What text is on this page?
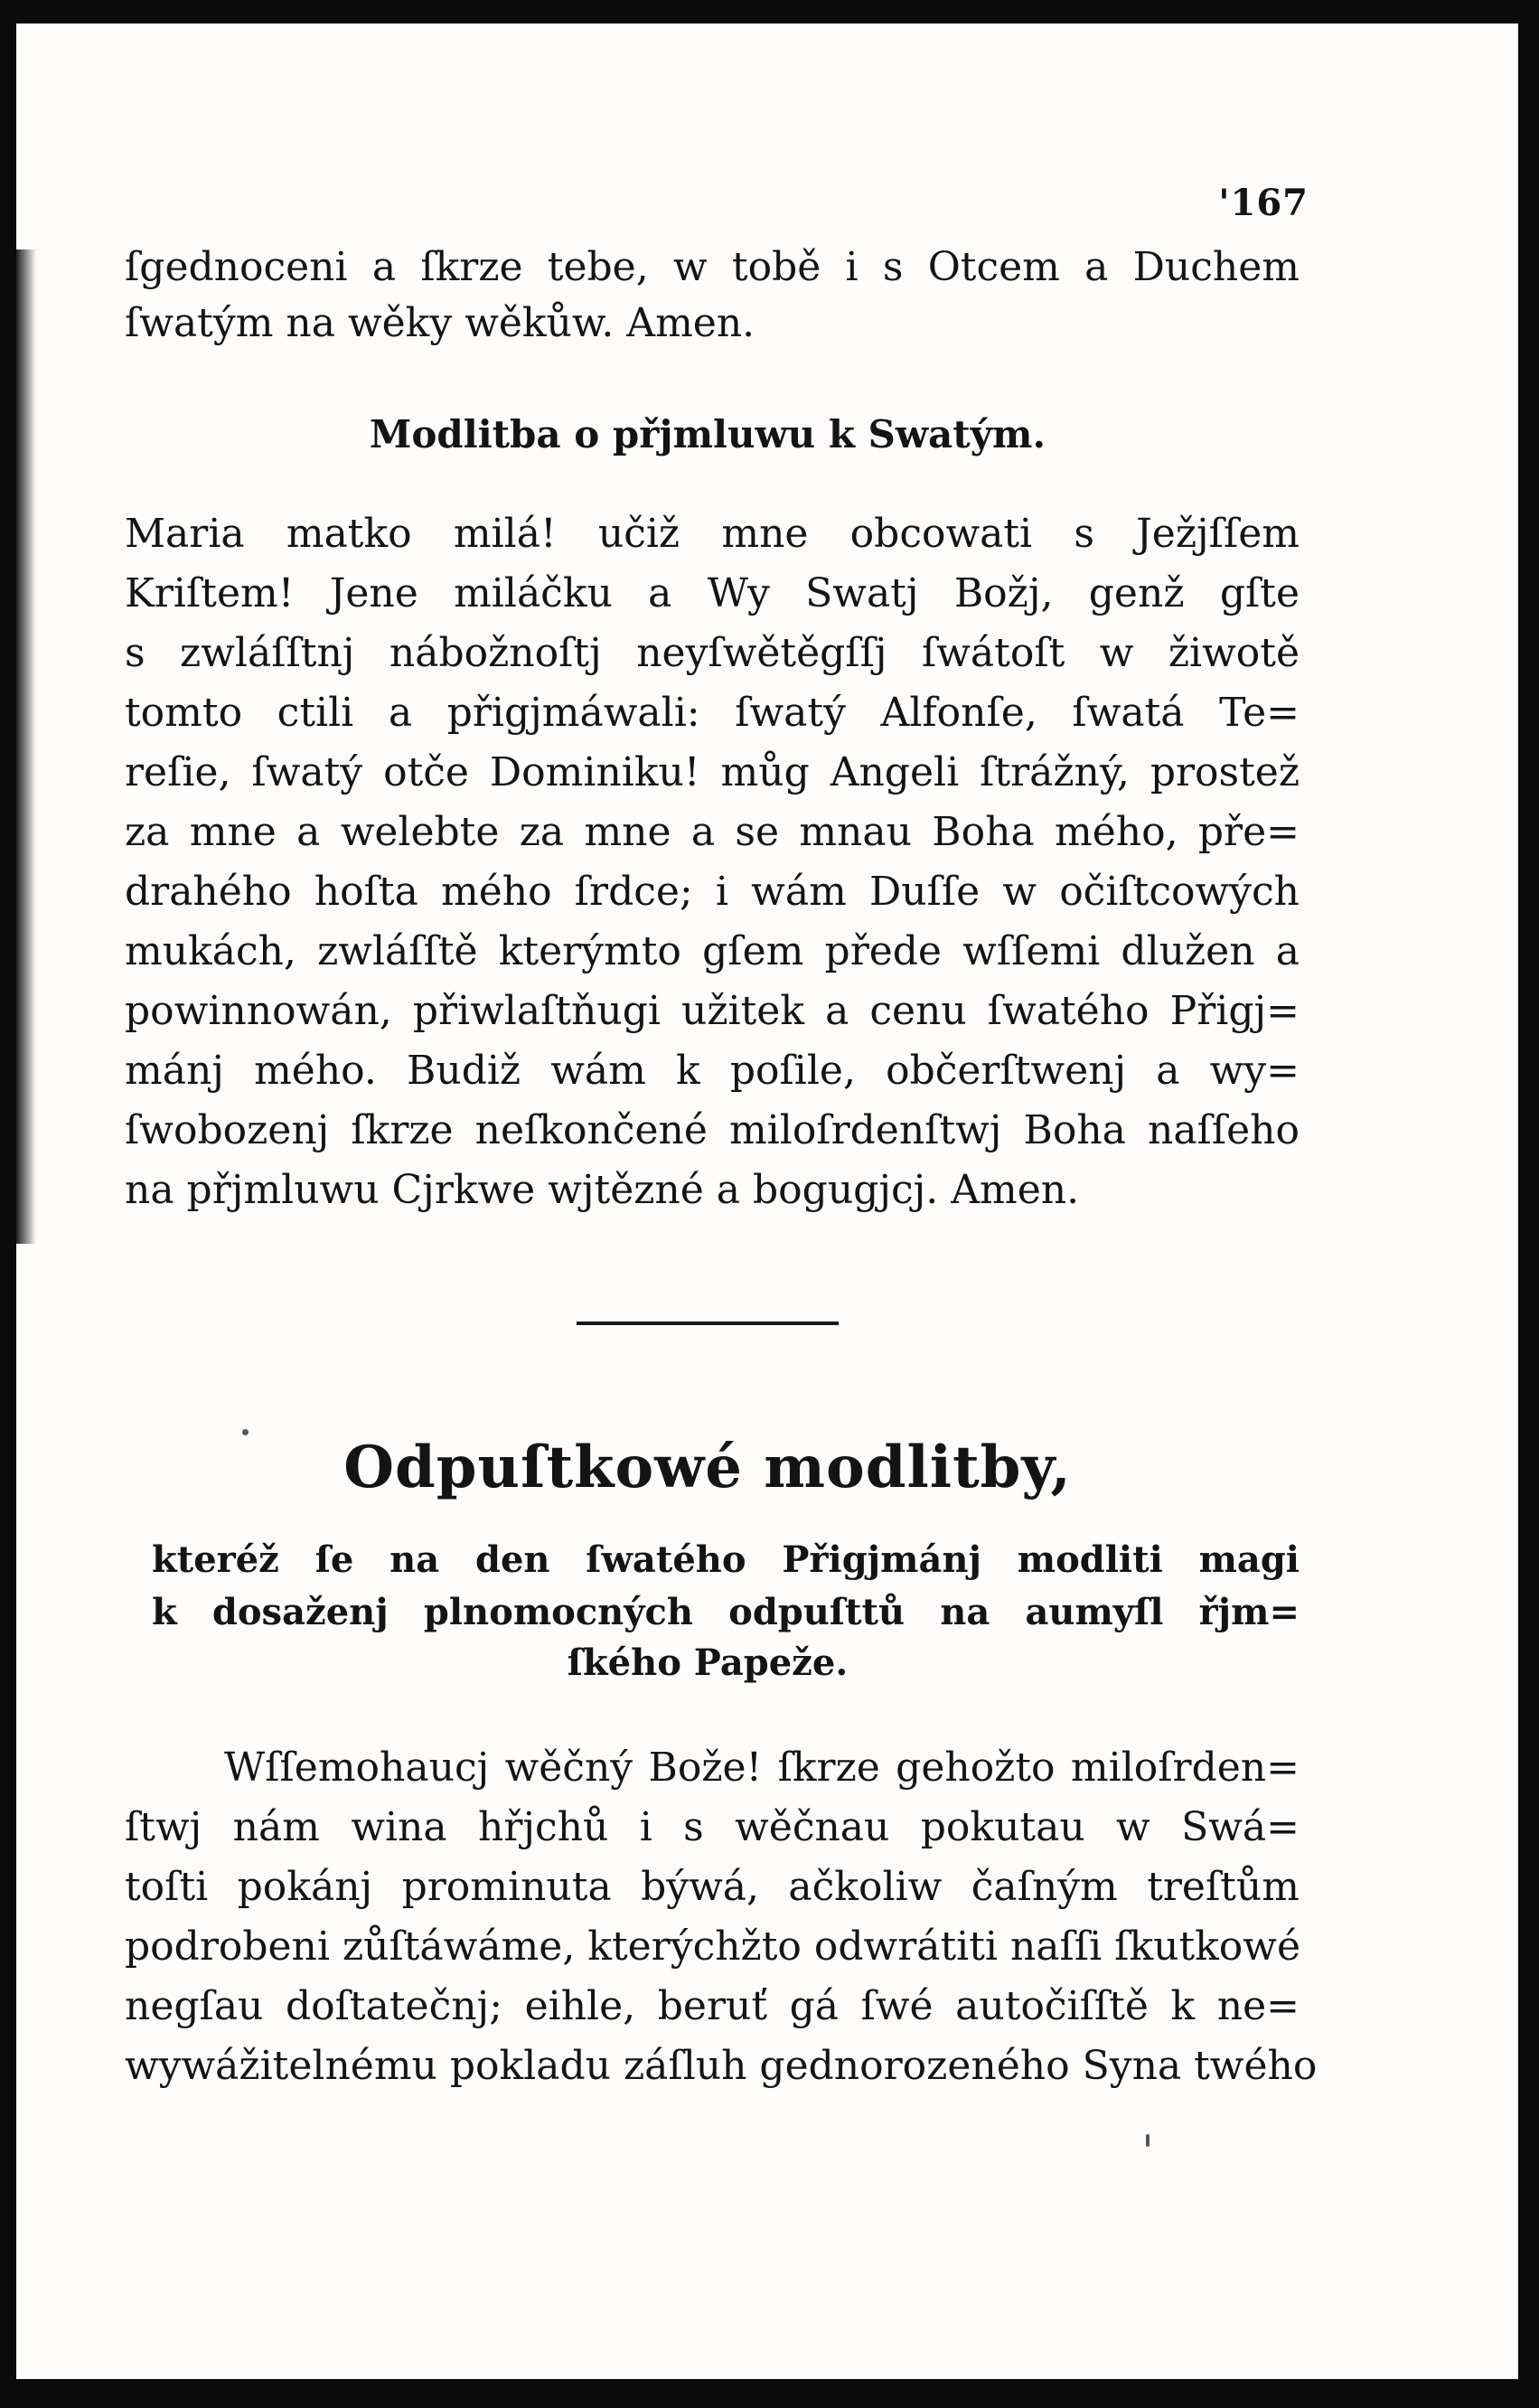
'167
ſgednoceni a ſkrze tebe, w tobě i s Otcem a Duchem
ſwatým na wěky wěkůw. Amen.
Modlitba o přjmluwu k Swatým.
Maria matko milá! učiž mne obcowati s Ježjſſem
Kriſtem! Jene miláčku a Wy Swatj Božj, genž gſte
s zwláſſtnj nábožnoſtj neyſwětěgſſj ſwátoſt w žiwotě
tomto ctili a přigjmáwali: ſwatý Alfonſe, ſwatá Te=
reſie, ſwatý otče Dominiku! můg Angeli ſtrážný, prostež
za mne a welebte za mne a se mnau Boha mého, pře=
drahého hoſta mého ſrdce; i wám Duſſe w očiſtcowých
mukách, zwláſſtě kterýmto gſem přede wſſemi dlužen a
powinnowán, přiwlaſtňugi užitek a cenu ſwatého Přigj=
mánj mého. Budiž wám k poſile, občerſtwenj a wy=
ſwobozenj ſkrze neſkončené miloſrdenſtwj Boha naſſeho
na přjmluwu Cjrkwe wjtězné a bogugjcj. Amen.
Odpuſtkowé modlitby,
kteréž ſe na den ſwatého Přigjmánj modliti magi
k dosaženj plnomocných odpuſttů na aumyſl řjm=
ſkého Papeže.
Wſſemohaucj wěčný Bože! ſkrze gehožto miloſrden=
ſtwj nám wina hřjchů i s wěčnau pokutau w Swá=
toſti pokánj prominuta býwá, ačkoliw čaſným treſtům
podrobeni zůſtáwáme, kterýchžto odwrátiti naſſi ſkutkowé
negſau doſtatečnj; eihle, beruť gá ſwé autočiſſtě k ne=
wywážitelnému pokladu záſluh gednorozeného Syna twého
